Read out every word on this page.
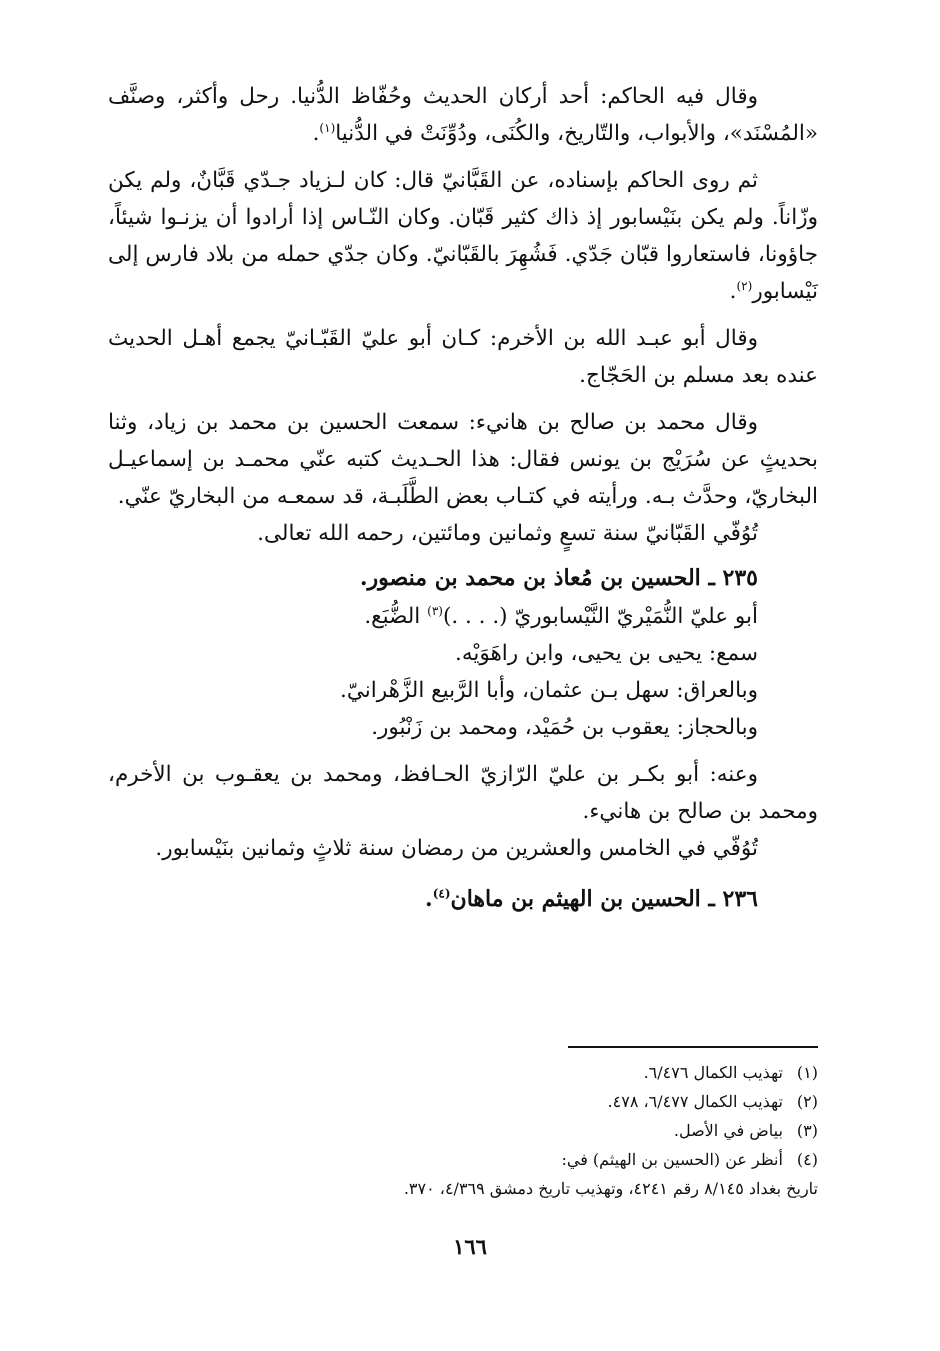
وقال فيه الحاكم: أحد أركان الحديث وحُفّاظ الدُّنيا. رحل وأكثر، وصنَّف «المُسْنَد»، والأبواب، والتّاريخ، والكُنَى، ودُوِّنَتْ في الدُّنيا$^{(١)}$.

ثم روى الحاكم بإسناده، عن القَبَّانيّ قال: كان لـزياد جـدّي قَبَّانٌ، ولم يكن وزّاناً. ولم يكن بنَيْسابور إذ ذاك كثير قَبّان. وكان النّـاس إذا أرادوا أن يزنـوا شيئاً، جاؤونا، فاستعاروا قبّان جَدّي. فَشُهِرَ بالقَبّانيّ. وكان جدّي حمله من بلاد فارس إلى نَيْسابور$^{(٢)}$.

وقال أبو عبـد الله بن الأخرم: كـان أبو عليّ القَبّـانيّ يجمع أهـل الحديث عنده بعد مسلم بن الحَجّاج.

وقال محمد بن صالح بن هانيء: سمعت الحسين بن محمد بن زياد، وثنا بحديثٍ عن سُرَيْج بن يونس فقال: هذا الحـديث كتبه عنّي محمـد بن إسماعيـل البخاريّ، وحدَّث بـه. ورأيته في كتـاب بعض الطَّلَبـة، قد سمعـه من البخاريّ عنّي.

تُوُفّي القَبّانيّ سنة تسعٍ وثمانين ومائتين، رحمه الله تعالى.

٢٣٥ ـ الحسين بن مُعاذ بن محمد بن منصور.

أبو عليّ النُّمَيْريّ النَّيْسابوريّ (. . . .)$^{(٣)}$ الضُّبَع.

سمع: يحيى بن يحيى، وابن راهَوَيْه.

وبالعراق: سهل بـن عثمان، وأبا الرَّبيع الزَّهْرانيّ.

وبالحجاز: يعقوب بن حُمَيْد، ومحمد بن زَنْبُور.

وعنه: أبو بكـر بن عليّ الرّازيّ الحـافظ، ومحمد بن يعقـوب بن الأخرم، ومحمد بن صالح بن هانيء.

تُوُفّي في الخامس والعشرين من رمضان سنة ثلاثٍ وثمانين بنَيْسابور.

٢٣٦ ـ الحسين بن الهيثم بن ماهان$^{(٤)}$.

(١) تهذيب الكمال ٦/٤٧٦.

(٢) تهذيب الكمال ٦/٤٧٧، ٤٧٨.

(٣) بياض في الأصل.

(٤) أنظر عن (الحسين بن الهيثم) في:

تاريخ بغداد ٨/١٤٥ رقم ٤٢٤١، وتهذيب تاريخ دمشق ٤/٣٦٩، ٣٧٠.

١٦٦
